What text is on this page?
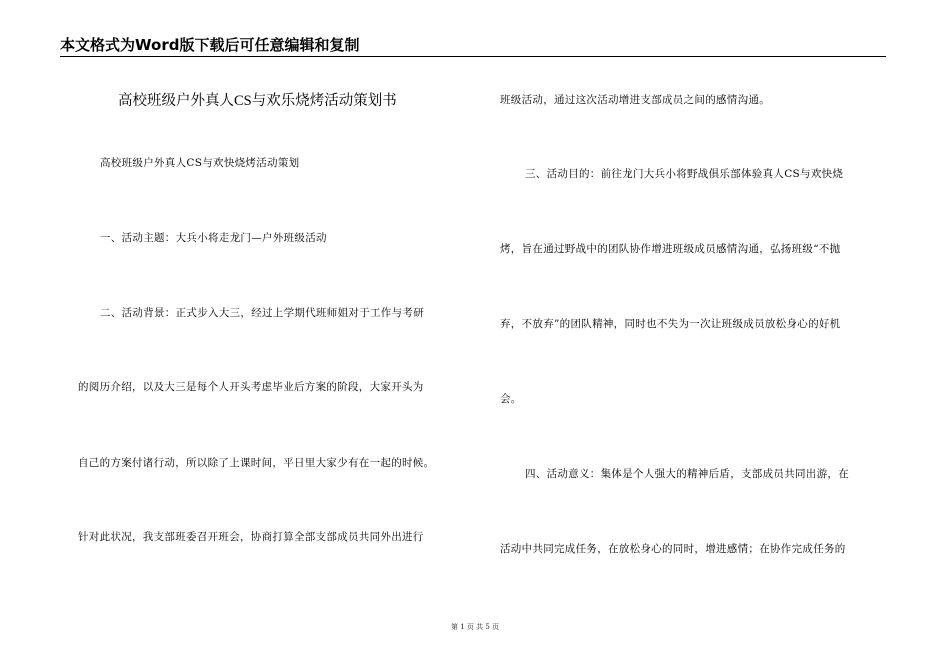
本文格式为Word版下载后可任意编辑和复制
高校班级户外真人CS与欢乐烧烤活动策划书
高校班级户外真人CS与欢快烧烤活动策划
一、活动主题：大兵小将走龙门—户外班级活动
二、活动背景：正式步入大三，经过上学期代班师姐对于工作与考研
的阅历介绍，以及大三是每个人开头考虑毕业后方案的阶段，大家开头为
自己的方案付诸行动，所以除了上课时间，平日里大家少有在一起的时候。
针对此状况，我支部班委召开班会，协商打算全部支部成员共同外出进行
班级活动，通过这次活动增进支部成员之间的感情沟通。
三、活动目的：前往龙门大兵小将野战俱乐部体验真人CS与欢快烧
烤，旨在通过野战中的团队协作增进班级成员感情沟通，弘扬班级“不抛
弃，不放弃”的团队精神，同时也不失为一次让班级成员放松身心的好机
会。
四、活动意义：集体是个人强大的精神后盾，支部成员共同出游，在
活动中共同完成任务，在放松身心的同时，增进感情；在协作完成任务的
第 1 页 共 5 页
